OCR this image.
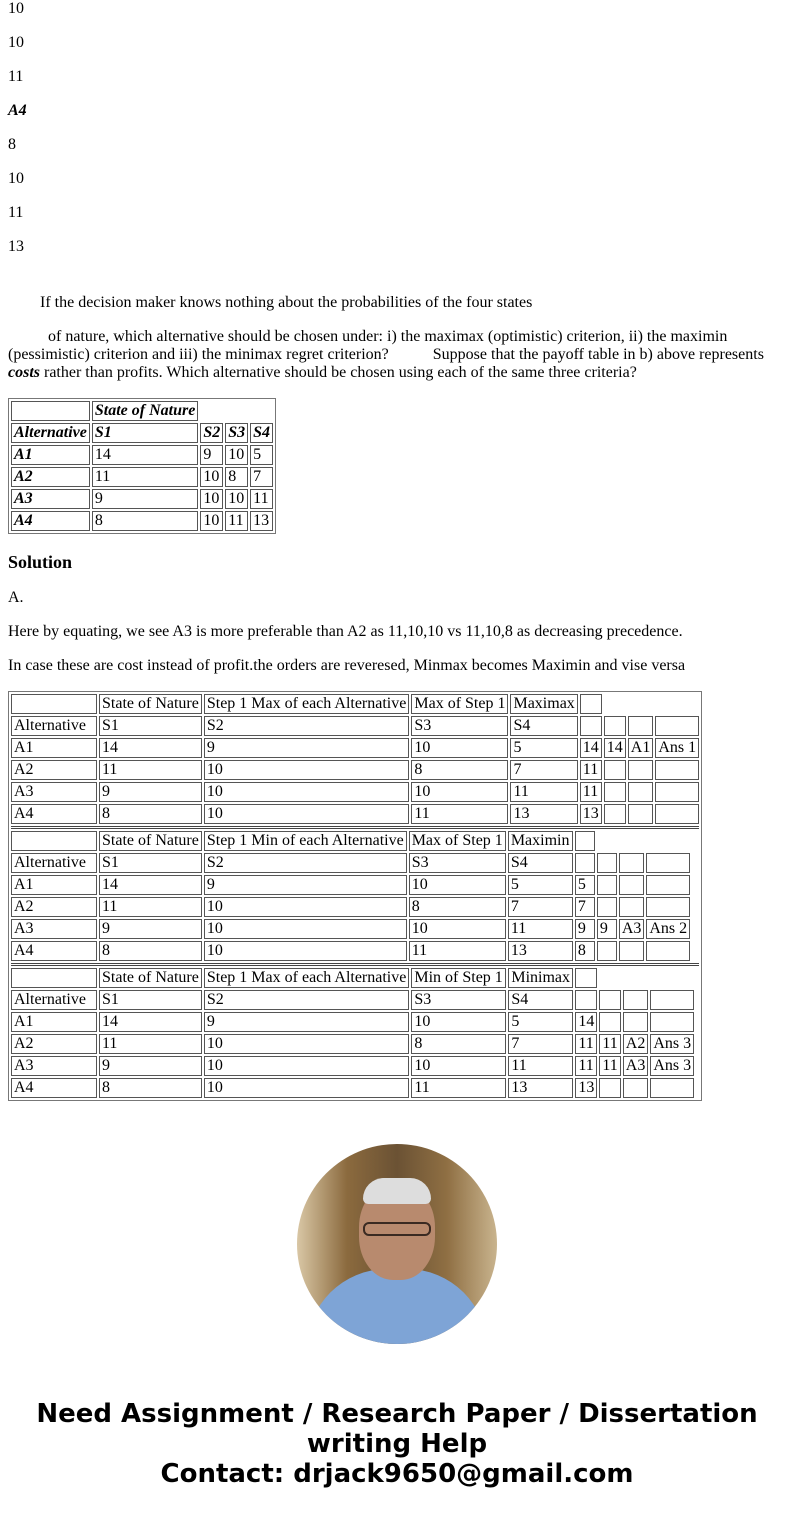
10

10

11

A4

8

10

11

13

If the decision maker knows nothing about the probabilities of the four states

of nature, which alternative should be chosen under: i) the maximax (optimistic) criterion, ii) the maximin (pessimistic) criterion and iii) the minimax regret criterion?	Suppose that the payoff table in b) above represents costs rather than profits. Which alternative should be chosen using each of the same three criteria?

	State of Nature			
Alternative	S1	S2	S3	S4
A1	14	9	10	5
A2	11	10	8	7
A3	9	10	10	11
A4	8	10	11	13
Solution

A.

Here by equating, we see A3 is more preferable than A2 as 11,10,10 vs 11,10,8 as decreasing precedence.

In case these are cost instead of profit.the orders are reveresed, Minmax becomes Maximin and vise versa

	State of Nature	Step 1 Max of each Alternative	Max of Step 1	Maximax				
Alternative	S1	S2	S3	S4				
A1	14	9	10	5	14	14	A1	Ans 1
A2	11	10	8	7	11			
A3	9	10	10	11	11			
A4	8	10	11	13	13			
	State of Nature	Step 1 Min of each Alternative	Max of Step 1	Maximin				
Alternative	S1	S2	S3	S4				
A1	14	9	10	5	5			
A2	11	10	8	7	7			
A3	9	10	10	11	9	9	A3	Ans 2
A4	8	10	11	13	8			
	State of Nature	Step 1 Max of each Alternative	Min of Step 1	Minimax				
Alternative	S1	S2	S3	S4				
A1	14	9	10	5	14			
A2	11	10	8	7	11	11	A2	Ans 3
A3	9	10	10	11	11	11	A3	Ans 3
A4	8	10	11	13	13			
Need Assignment / Research Paper / Dissertation writing Help
Contact: drjack9650@gmail.com
